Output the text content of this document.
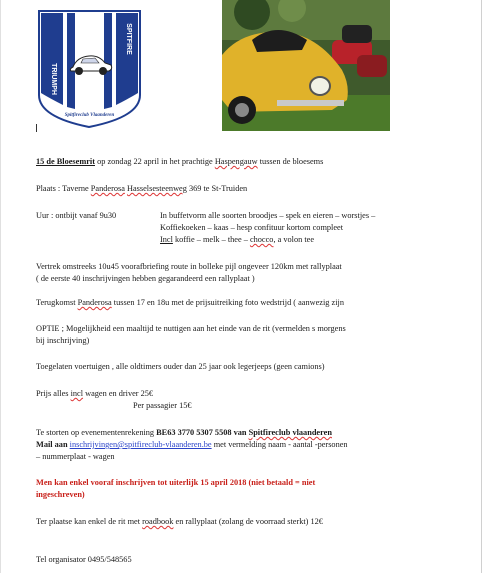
TRIUMPH
SPITFIRE
Spitfireclub Vlaanderen
15 de Bloesemrit op zondag 22 april in het prachtige Haspengauw tussen de bloesems
Plaats : Taverne Panderosa Hasselsesteenweg 369 te St-Truiden
Uur : ontbijt vanaf 9u30	In buffetvorm alle soorten broodjes – spek en eieren – worstjes –
Koffiekoeken – kaas – hesp confituur kortom compleet
Incl koffie – melk – thee – chocco, a volon tee
Vertrek omstreeks 10u45 voorafbriefing route in bolleke pijl ongeveer 120km met rallyplaat
( de eerste 40 inschrijvingen hebben gegarandeerd een rallyplaat )
Terugkomst Panderosa tussen 17 en 18u met de prijsuitreiking foto wedstrijd ( aanwezig zijn
OPTIE ; Mogelijkheid een maaltijd te nuttigen aan het einde van de rit (vermelden s morgens
bij inschrijving)
Toegelaten voertuigen , alle oldtimers ouder dan 25 jaar ook legerjeeps (geen camions)
Prijs alles incl wagen en driver 25€
Per passagier 15€
Te storten op evenementenrekening BE63 3770 5307 5508 van Spitfireclub vlaanderen
Mail aan inschrijvingen@spitfireclub-vlaanderen.be met vermelding naam - aantal -personen
– nummerplaat - wagen
Men kan enkel vooraf inschrijven tot uiterlijk 15 april 2018 (niet betaald = niet
ingeschreven)
Ter plaatse kan enkel de rit met roadbook en rallyplaat (zolang de voorraad sterkt) 12€
Tel organisator 0495/548565
